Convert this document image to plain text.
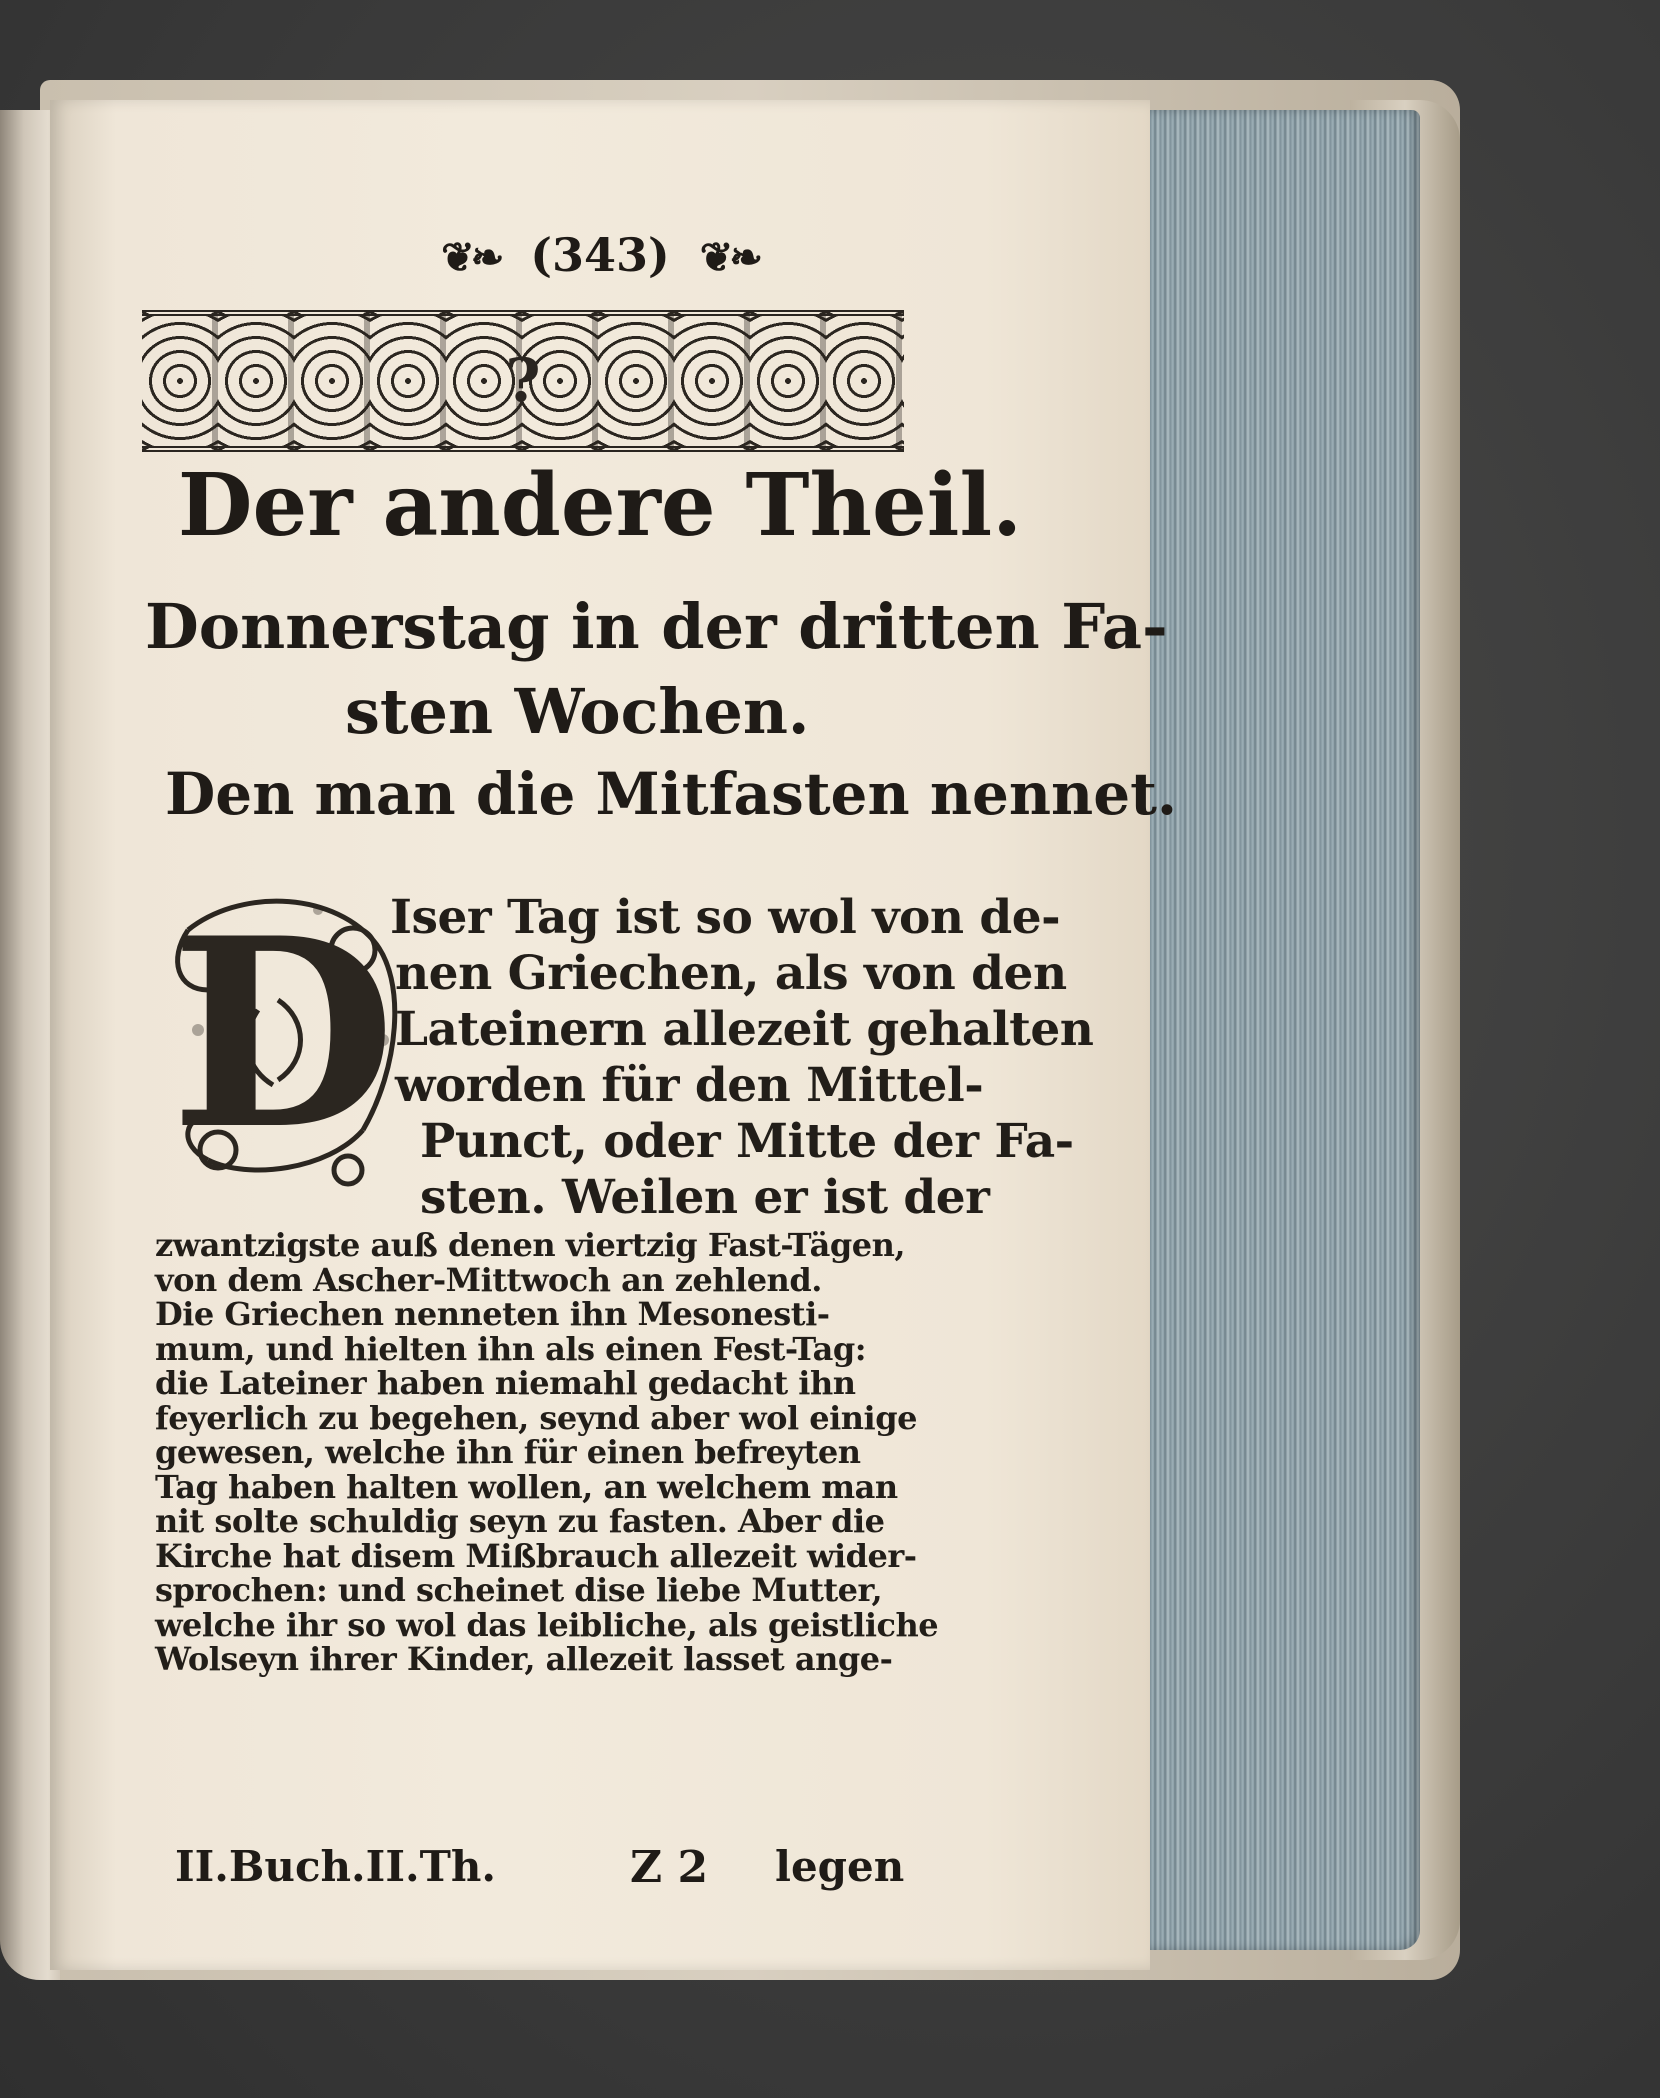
❦❧ (343) ❦❧
?
Der andere Theil.
Donnerstag in der dritten Fa-
sten Wochen.
Den man die Mitfasten nennet.
D
Iser Tag ist so wol von de-
nen Griechen, als von den
Lateinern allezeit gehalten
worden für den Mittel-
Punct, oder Mitte der Fa-
sten. Weilen er ist der
zwantzigste auß denen viertzig Fast-Tägen,
von dem Ascher-Mittwoch an zehlend.
Die Griechen nenneten ihn Mesonesti-
mum, und hielten ihn als einen Fest-Tag:
die Lateiner haben niemahl gedacht ihn
feyerlich zu begehen, seynd aber wol einige
gewesen, welche ihn für einen befreyten
Tag haben halten wollen, an welchem man
nit solte schuldig seyn zu fasten. Aber die
Kirche hat disem Mißbrauch allezeit wider-
sprochen: und scheinet dise liebe Mutter,
II.Buch.II.Th.	Z 2 legen
welche ihr so wol das leibliche, als geistliche
Wolseyn ihrer Kinder, allezeit lasset ange-
